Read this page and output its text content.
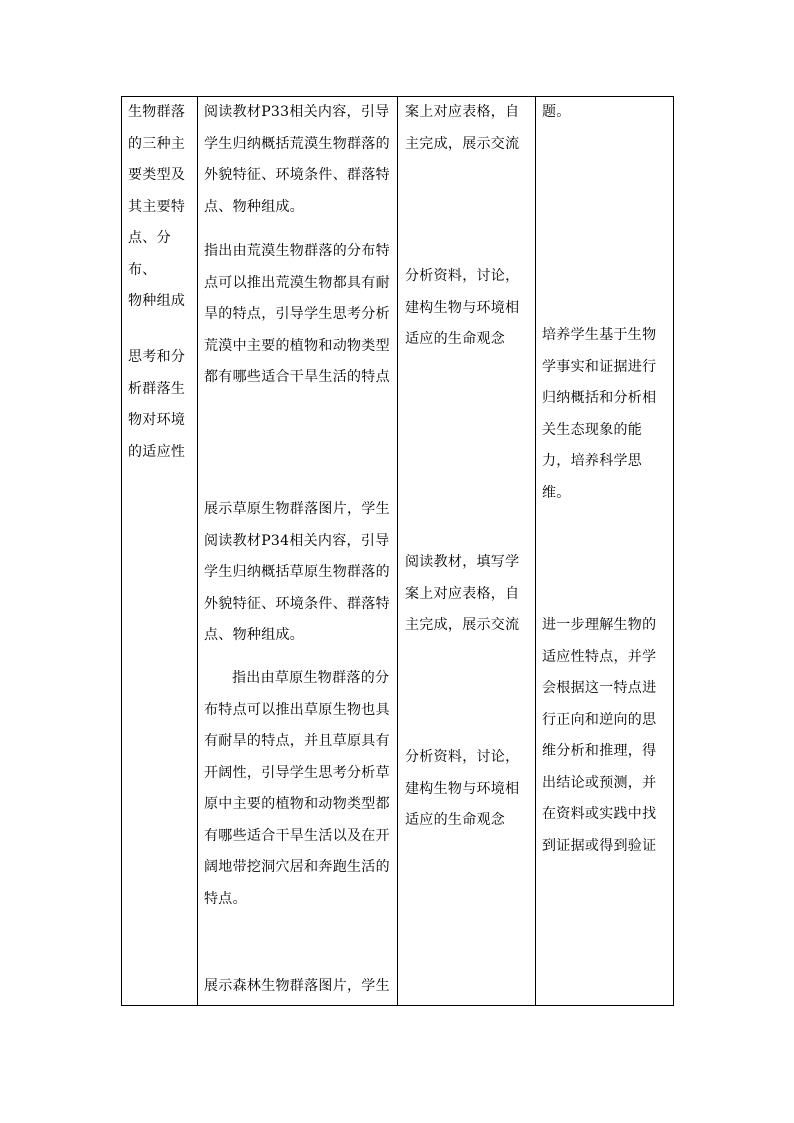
生物群落

的三种主

要类型及

其主要特

点、分布、

物种组成

思考和分

析群落生

物对环境

的适应性

阅读教材P33相关内容，引导

学生归纳概括荒漠生物群落的

外貌特征、环境条件、群落特

点、物种组成。

指出由荒漠生物群落的分布特

点可以推出荒漠生物都具有耐

旱的特点，引导学生思考分析

荒漠中主要的植物和动物类型

都有哪些适合干旱生活的特点

展示草原生物群落图片，学生

阅读教材P34相关内容，引导

学生归纳概括草原生物群落的

外貌特征、环境条件、群落特

点、物种组成。

指出由草原生物群落的分

布特点可以推出草原生物也具

有耐旱的特点，并且草原具有

开阔性，引导学生思考分析草

原中主要的植物和动物类型都

有哪些适合干旱生活以及在开

阔地带挖洞穴居和奔跑生活的

特点。

展示森林生物群落图片，学生

案上对应表格，自

主完成，展示交流

分析资料，讨论，

建构生物与环境相

适应的生命观念

阅读教材，填写学

案上对应表格，自

主完成，展示交流

分析资料，讨论，

建构生物与环境相

适应的生命观念

题。

培养学生基于生物

学事实和证据进行

归纳概括和分析相

关生态现象的能

力，培养科学思

维。

进一步理解生物的

适应性特点，并学

会根据这一特点进

行正向和逆向的思

维分析和推理，得

出结论或预测，并

在资料或实践中找

到证据或得到验证
